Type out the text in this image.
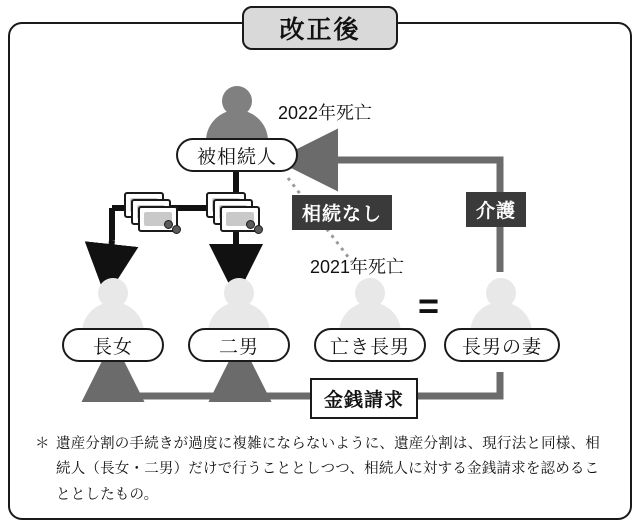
改正後
被相続人
2022年死亡
相続なし	介護
2021年死亡
長女	二男	亡き長男
=
長男の妻
金銭請求
＊ 遺産分割の手続きが過度に複雑にならないように、遺産分割は、現行法と同様、相続人（長女・二男）だけで行うこととしつつ、相続人に対する金銭請求を認めることとしたもの。
